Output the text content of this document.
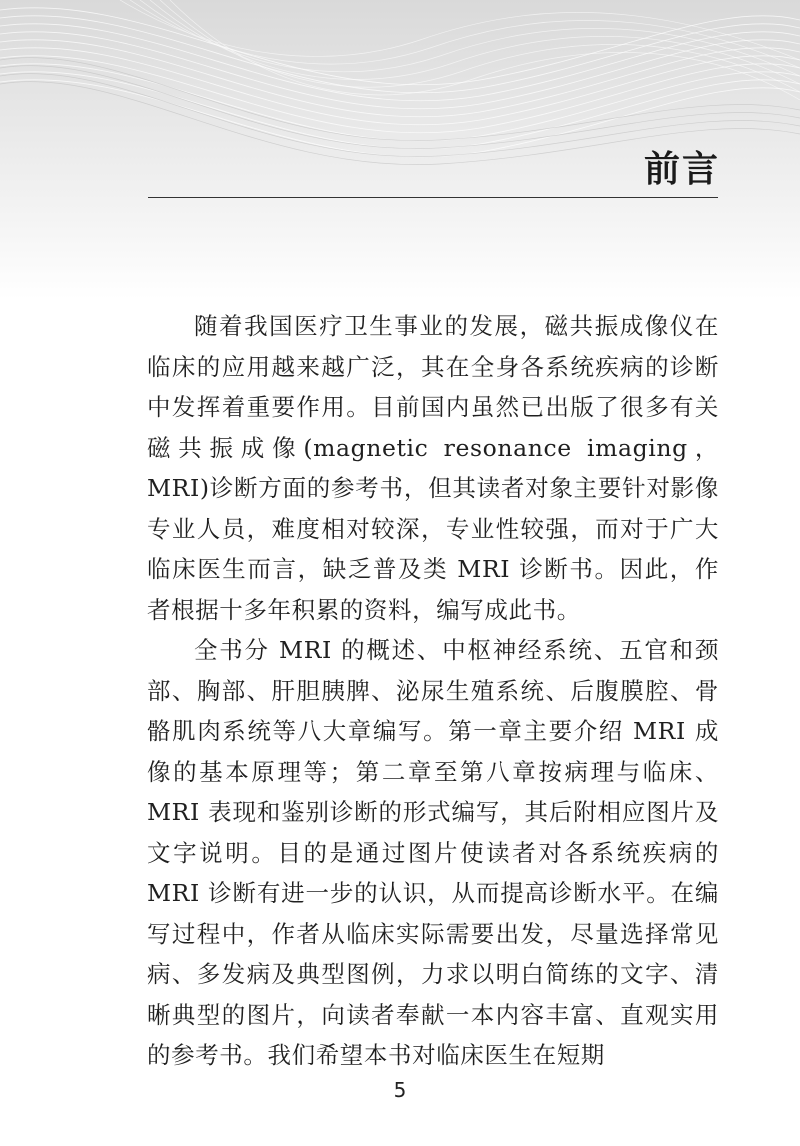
前言

随着我国医疗卫生事业的发展，磁共振成像仪在临床的应用越来越广泛，其在全身各系统疾病的诊断中发挥着重要作用。目前国内虽然已出版了很多有关磁共振成像(magnetic resonance imaging，MRI)诊断方面的参考书，但其读者对象主要针对影像专业人员，难度相对较深，专业性较强，而对于广大临床医生而言，缺乏普及类 MRI 诊断书。因此，作者根据十多年积累的资料，编写成此书。

全书分 MRI 的概述、中枢神经系统、五官和颈部、胸部、肝胆胰脾、泌尿生殖系统、后腹膜腔、骨骼肌肉系统等八大章编写。第一章主要介绍 MRI 成像的基本原理等；第二章至第八章按病理与临床、MRI 表现和鉴别诊断的形式编写，其后附相应图片及文字说明。目的是通过图片使读者对各系统疾病的 MRI 诊断有进一步的认识，从而提高诊断水平。在编写过程中，作者从临床实际需要出发，尽量选择常见病、多发病及典型图例，力求以明白简练的文字、清晰典型的图片，向读者奉献一本内容丰富、直观实用的参考书。我们希望本书对临床医生在短期

5
